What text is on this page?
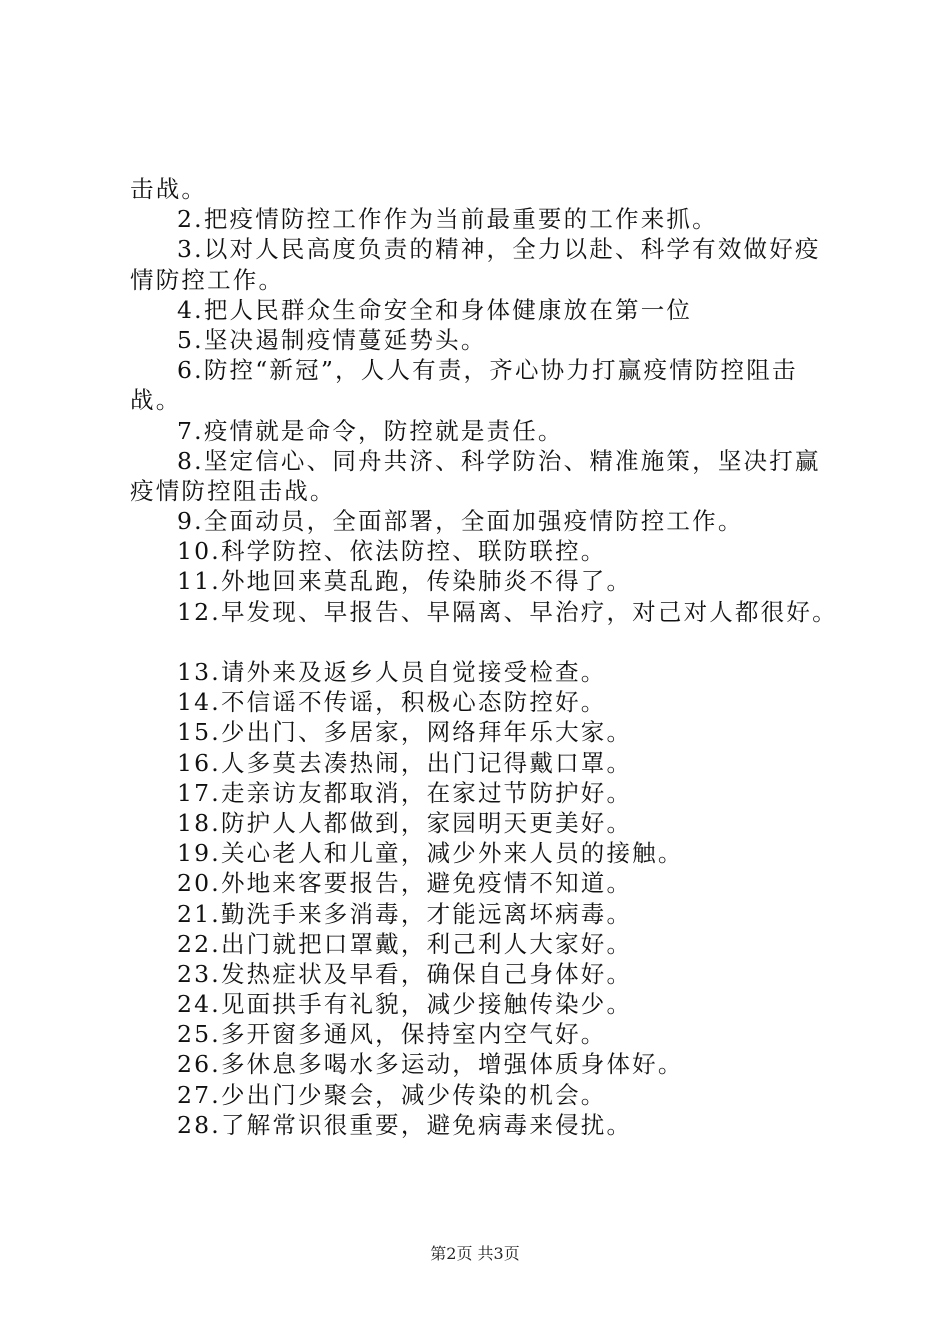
击战。
2.把疫情防控工作作为当前最重要的工作来抓。
3.以对人民高度负责的精神，全力以赴、科学有效做好疫
情防控工作。
4.把人民群众生命安全和身体健康放在第一位
5.坚决遏制疫情蔓延势头。
6.防控“新冠”，人人有责，齐心协力打赢疫情防控阻击
战。
7.疫情就是命令，防控就是责任。
8.坚定信心、同舟共济、科学防治、精准施策，坚决打赢
疫情防控阻击战。
9.全面动员，全面部署，全面加强疫情防控工作。
10.科学防控、依法防控、联防联控。
11.外地回来莫乱跑，传染肺炎不得了。
12.早发现、早报告、早隔离、早治疗，对己对人都很好。
13.请外来及返乡人员自觉接受检查。
14.不信谣不传谣，积极心态防控好。
15.少出门、多居家，网络拜年乐大家。
16.人多莫去凑热闹，出门记得戴口罩。
17.走亲访友都取消，在家过节防护好。
18.防护人人都做到，家园明天更美好。
19.关心老人和儿童，减少外来人员的接触。
20.外地来客要报告，避免疫情不知道。
21.勤洗手来多消毒，才能远离坏病毒。
22.出门就把口罩戴，利己利人大家好。
23.发热症状及早看，确保自己身体好。
24.见面拱手有礼貌，减少接触传染少。
25.多开窗多通风，保持室内空气好。
26.多休息多喝水多运动，增强体质身体好。
27.少出门少聚会，减少传染的机会。
28.了解常识很重要，避免病毒来侵扰。
第2页 共3页
